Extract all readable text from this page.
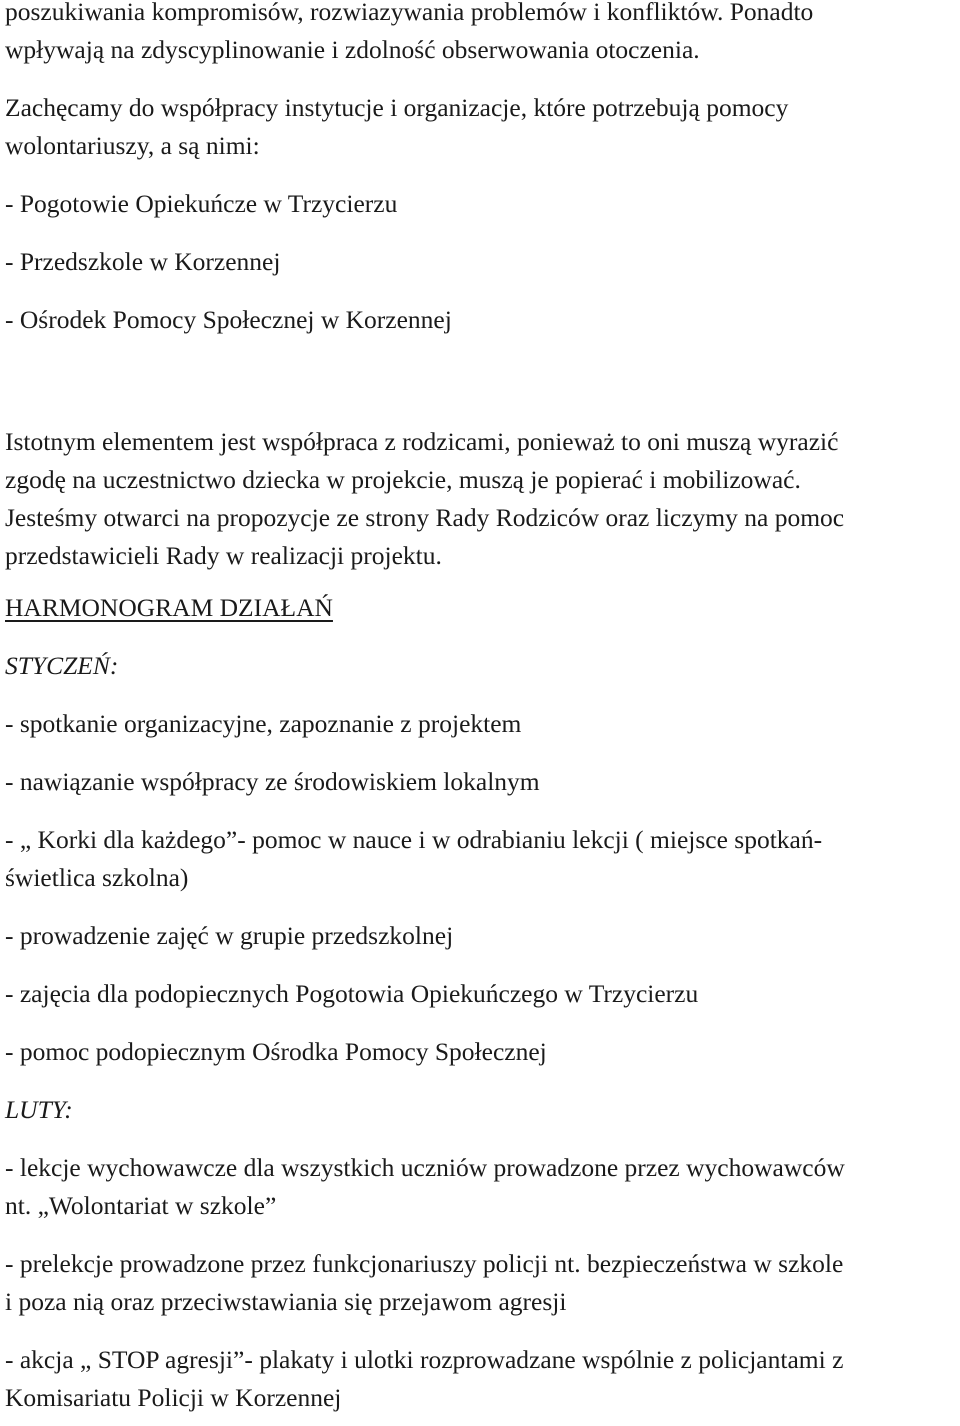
poszukiwania kompromisów, rozwiazywania problemów i konfliktów. Ponadto

wpływają na zdyscyplinowanie i zdolność obserwowania otoczenia.

Zachęcamy do współpracy instytucje i organizacje, które potrzebują pomocy

wolontariuszy, a są nimi:

- Pogotowie Opiekuńcze w Trzycierzu

- Przedszkole w Korzennej

- Ośrodek Pomocy Społecznej w Korzennej

Istotnym elementem jest współpraca z rodzicami, ponieważ to oni muszą wyrazić

zgodę na uczestnictwo dziecka w projekcie, muszą je popierać i mobilizować.

Jesteśmy otwarci na propozycje ze strony Rady Rodziców oraz liczymy na pomoc

przedstawicieli Rady w realizacji projektu.

HARMONOGRAM DZIAŁAŃ

STYCZEŃ:

- spotkanie organizacyjne, zapoznanie z projektem

- nawiązanie współpracy ze środowiskiem lokalnym

- „ Korki dla każdego”- pomoc w nauce i w odrabianiu lekcji ( miejsce spotkań-

świetlica szkolna)

- prowadzenie zajęć w grupie przedszkolnej

- zajęcia dla podopiecznych Pogotowia Opiekuńczego w Trzycierzu

- pomoc podopiecznym Ośrodka Pomocy Społecznej

LUTY:

- lekcje wychowawcze dla wszystkich uczniów prowadzone przez wychowawców

nt. „Wolontariat w szkole”

- prelekcje prowadzone przez funkcjonariuszy policji nt. bezpieczeństwa w szkole

i poza nią oraz przeciwstawiania się przejawom agresji

- akcja „ STOP agresji”- plakaty i ulotki rozprowadzane wspólnie z policjantami z

Komisariatu Policji w Korzennej
